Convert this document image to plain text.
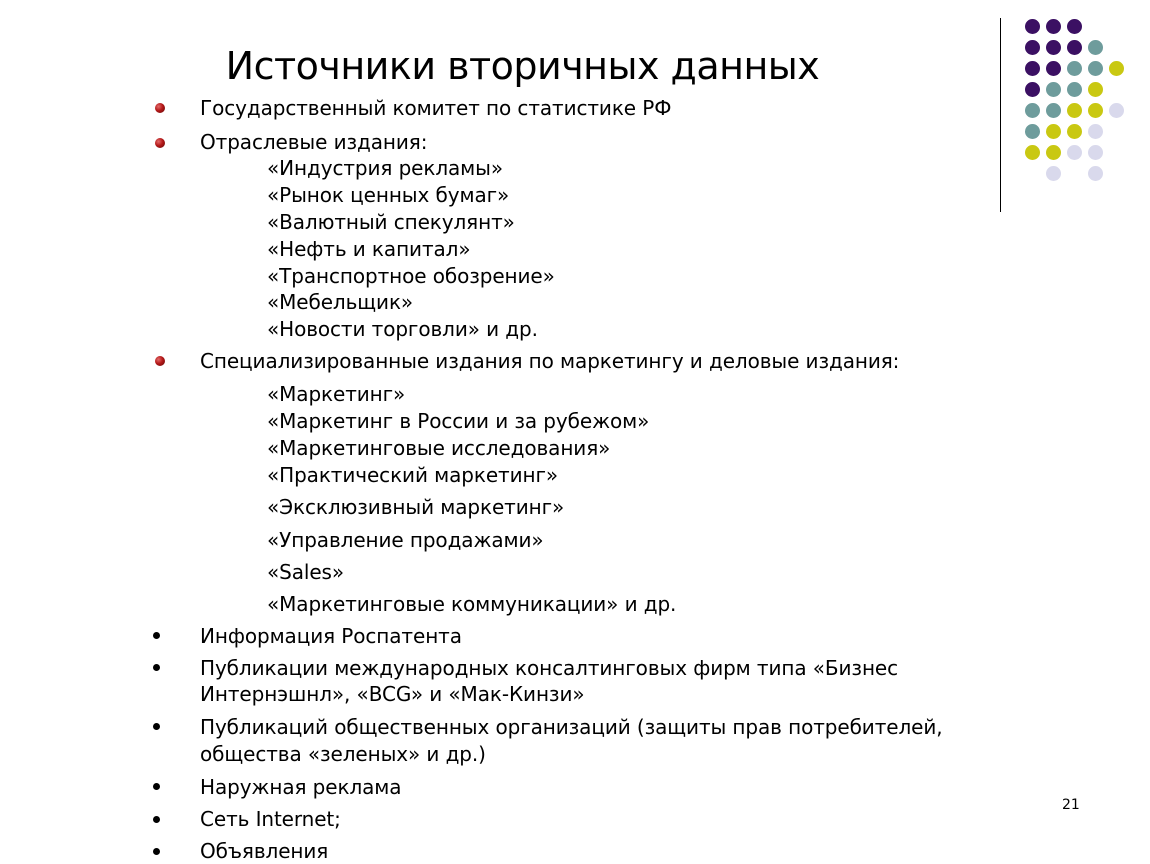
Источники вторичных данных
Государственный комитет по статистике РФ
Отраслевые издания:
«Индустрия рекламы»
«Рынок ценных бумаг»
«Валютный спекулянт»
«Нефть и капитал»
«Транспортное обозрение»
«Мебельщик»
«Новости торговли» и др.
Специализированные издания по маркетингу и деловые издания:
«Маркетинг»
«Маркетинг в России и за рубежом»
«Маркетинговые исследования»
«Практический маркетинг»
«Эксклюзивный маркетинг»
«Управление продажами»
«Sales»
«Маркетинговые коммуникации» и др.
Информация Роспатента
Публикации международных консалтинговых фирм типа «Бизнес
Интернэшнл», «BCG» и «Мак-Кинзи»
Публикаций общественных организаций (защиты прав потребителей,
общества «зеленых» и др.)
Наружная реклама
Сеть Internet;
Объявления
21
